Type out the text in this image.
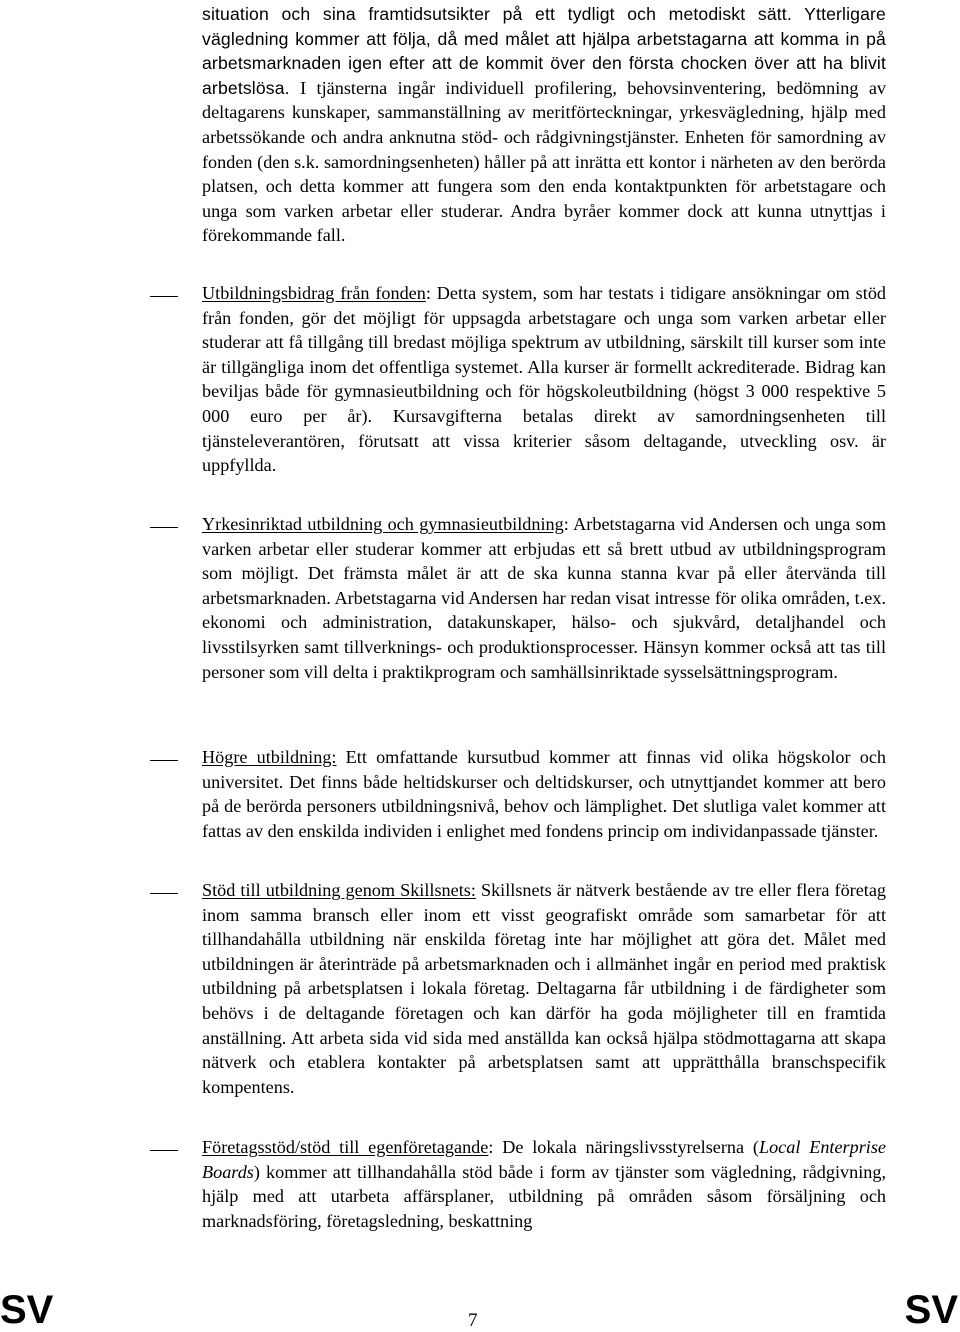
situation och sina framtidsutsikter på ett tydligt och metodiskt sätt. Ytterligare vägledning kommer att följa, då med målet att hjälpa arbetstagarna att komma in på arbetsmarknaden igen efter att de kommit över den första chocken över att ha blivit arbetslösa. I tjänsterna ingår individuell profilering, behovsinventering, bedömning av deltagarens kunskaper, sammanställning av meritförteckningar, yrkesvägledning, hjälp med arbetssökande och andra anknutna stöd- och rådgivningstjänster. Enheten för samordning av fonden (den s.k. samordningsenheten) håller på att inrätta ett kontor i närheten av den berörda platsen, och detta kommer att fungera som den enda kontaktpunkten för arbetstagare och unga som varken arbetar eller studerar. Andra byråer kommer dock att kunna utnyttjas i förekommande fall.

Utbildningsbidrag från fonden: Detta system, som har testats i tidigare ansökningar om stöd från fonden, gör det möjligt för uppsagda arbetstagare och unga som varken arbetar eller studerar att få tillgång till bredast möjliga spektrum av utbildning, särskilt till kurser som inte är tillgängliga inom det offentliga systemet. Alla kurser är formellt ackrediterade. Bidrag kan beviljas både för gymnasieutbildning och för högskoleutbildning (högst 3 000 respektive 5 000 euro per år). Kursavgifterna betalas direkt av samordningsenheten till tjänsteleverantören, förutsatt att vissa kriterier såsom deltagande, utveckling osv. är uppfyllda.

Yrkesinriktad utbildning och gymnasieutbildning: Arbetstagarna vid Andersen och unga som varken arbetar eller studerar kommer att erbjudas ett så brett utbud av utbildningsprogram som möjligt. Det främsta målet är att de ska kunna stanna kvar på eller återvända till arbetsmarknaden. Arbetstagarna vid Andersen har redan visat intresse för olika områden, t.ex. ekonomi och administration, datakunskaper, hälso- och sjukvård, detaljhandel och livsstilsyrken samt tillverknings- och produktionsprocesser. Hänsyn kommer också att tas till personer som vill delta i praktikprogram och samhällsinriktade sysselsättningsprogram.

Högre utbildning: Ett omfattande kursutbud kommer att finnas vid olika högskolor och universitet. Det finns både heltidskurser och deltidskurser, och utnyttjandet kommer att bero på de berörda personers utbildningsnivå, behov och lämplighet. Det slutliga valet kommer att fattas av den enskilda individen i enlighet med fondens princip om individanpassade tjänster.

Stöd till utbildning genom Skillsnets: Skillsnets är nätverk bestående av tre eller flera företag inom samma bransch eller inom ett visst geografiskt område som samarbetar för att tillhandahålla utbildning när enskilda företag inte har möjlighet att göra det. Målet med utbildningen är återinträde på arbetsmarknaden och i allmänhet ingår en period med praktisk utbildning på arbetsplatsen i lokala företag. Deltagarna får utbildning i de färdigheter som behövs i de deltagande företagen och kan därför ha goda möjligheter till en framtida anställning. Att arbeta sida vid sida med anställda kan också hjälpa stödmottagarna att skapa nätverk och etablera kontakter på arbetsplatsen samt att upprätthålla branschspecifik kompentens.

Företagsstöd/stöd till egenföretagande: De lokala näringslivsstyrelserna (Local Enterprise Boards) kommer att tillhandahålla stöd både i form av tjänster som vägledning, rådgivning, hjälp med att utarbeta affärsplaner, utbildning på områden såsom försäljning och marknadsföring, företagsledning, beskattning

SV	7	SV
